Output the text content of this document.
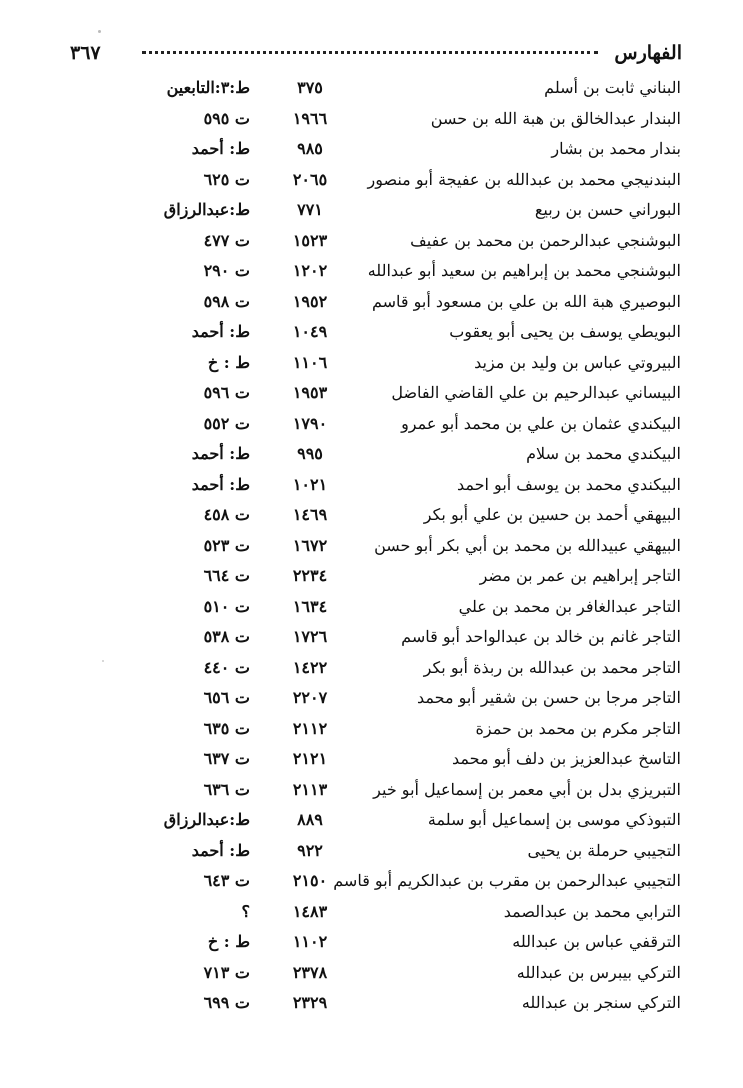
الفهارس
٣٦٧
البناني ثابت بن أسلم
٣٧٥
ط:٣:التابعين
البندار عبدالخالق بن هبة الله بن حسن
١٩٦٦
ت ٥٩٥
بندار محمد بن بشار
٩٨٥
ط: أحمد
البندنيجي محمد بن عبدالله بن عفيجة أبو منصور
٢٠٦٥
ت ٦٢٥
البوراني حسن بن ربيع
٧٧١
ط:عبدالرزاق
البوشنجي عبدالرحمن بن محمد بن عفيف
١٥٢٣
ت ٤٧٧
البوشنجي محمد بن إبراهيم بن سعيد أبو عبدالله
١٢٠٢
ت ٢٩٠
البوصيري هبة الله بن علي بن مسعود أبو قاسم
١٩٥٢
ت ٥٩٨
البويطي يوسف بن يحيى أبو يعقوب
١٠٤٩
ط: أحمد
البيروتي عباس بن وليد بن مزيد
١١٠٦
ط : خ
البيساني عبدالرحيم بن علي القاضي الفاضل
١٩٥٣
ت ٥٩٦
البيكندي عثمان بن علي بن محمد أبو عمرو
١٧٩٠
ت ٥٥٢
البيكندي محمد بن سلام
٩٩٥
ط: أحمد
البيكندي محمد بن يوسف أبو احمد
١٠٢١
ط: أحمد
البيهقي أحمد بن حسين بن علي أبو بكر
١٤٦٩
ت ٤٥٨
البيهقي عبيدالله بن محمد بن أبي بكر أبو حسن
١٦٧٢
ت ٥٢٣
التاجر إبراهيم بن عمر بن مضر
٢٢٣٤
ت ٦٦٤
التاجر عبدالغافر بن محمد بن علي
١٦٣٤
ت ٥١٠
التاجر غانم بن خالد بن عبدالواحد أبو قاسم
١٧٢٦
ت ٥٣٨
التاجر محمد بن عبدالله بن ربذة أبو بكر
١٤٢٢
ت ٤٤٠
التاجر مرجا بن حسن بن شقير أبو محمد
٢٢٠٧
ت ٦٥٦
التاجر مكرم بن محمد بن حمزة
٢١١٢
ت ٦٣٥
التاسخ عبدالعزيز بن دلف أبو محمد
٢١٢١
ت ٦٣٧
التبريزي بدل بن أبي معمر بن إسماعيل أبو خير
٢١١٣
ت ٦٣٦
التبوذكي موسى بن إسماعيل أبو سلمة
٨٨٩
ط:عبدالرزاق
التجيبي حرملة بن يحيى
٩٢٢
ط: أحمد
التجيبي عبدالرحمن بن مقرب بن عبدالكريم أبو قاسم
٢١٥٠
ت ٦٤٣
الترابي محمد بن عبدالصمد
١٤٨٣
؟
الترقفي عباس بن عبدالله
١١٠٢
ط : خ
التركي بيبرس بن عبدالله
٢٣٧٨
ت ٧١٣
التركي سنجر بن عبدالله
٢٣٢٩
ت ٦٩٩
